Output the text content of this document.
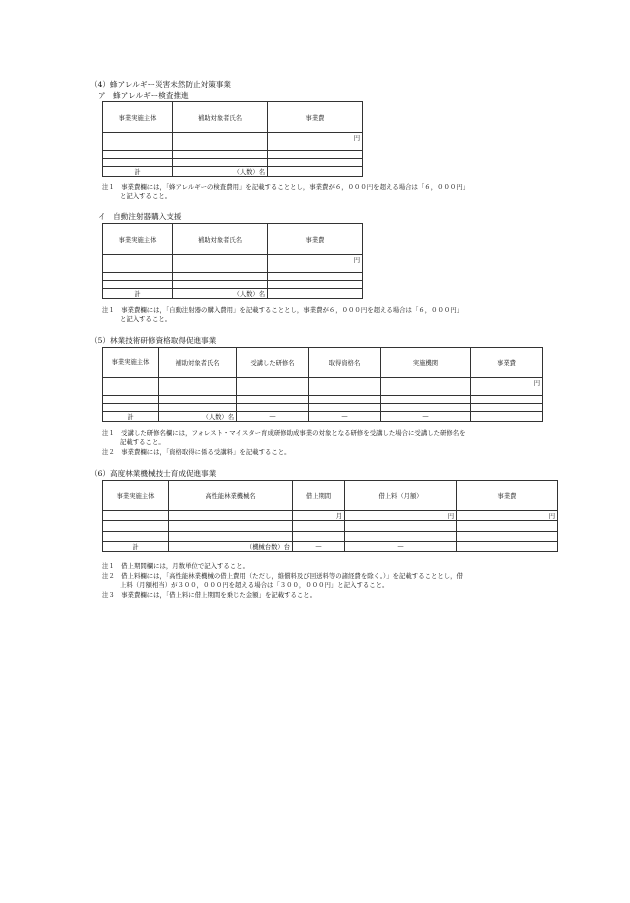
（4）蜂アレルギー災害未然防止対策事業
ア　蜂アレルギー検査推進
事業実施主体	補助対象者氏名	事業費
		円

計	（人数）名	
注１　事業費欄には，「蜂アレルギーの検査費用」を記載することとし，事業費が６，０００円を超える場合は「６，０００円」
と記入すること。
イ　自動注射器購入支援
事業実施主体	補助対象者氏名	事業費
		円

計	（人数）名	
注１　事業費欄には，「自動注射器の購入費用」を記載することとし，事業費が６，０００円を超える場合は「６，０００円」
と記入すること。
（5）林業技術研修資格取得促進事業
事業実施主体	補助対象者氏名	受講した研修名	取得資格名	実施機関	事業費
					円

計	（人数）名	—	—	—	
注１　受講した研修名欄には，フォレスト・マイスター育成研修助成事業の対象となる研修を受講した場合に受講した研修名を
記載すること。
注２　事業費欄には，「資格取得に係る受講料」を記載すること。
（6）高度林業機械技士育成促進事業
事業実施主体	高性能林業機械名	借上期間	借上料（月額）	事業費
		月	円	円

計	（機械台数）台	—	—	
注１　借上期間欄には，月数単位で記入すること。
注２　借上料欄には，「高性能林業機械の借上費用（ただし，維償料及び回送料等の諸経費を除く。）」を記載することとし，借
上料（月額相当）が３００，０００円を超える場合は「３００，０００円」と記入すること。
注３　事業費欄には，「借上料に借上期間を乗じた金額」を記載すること。
